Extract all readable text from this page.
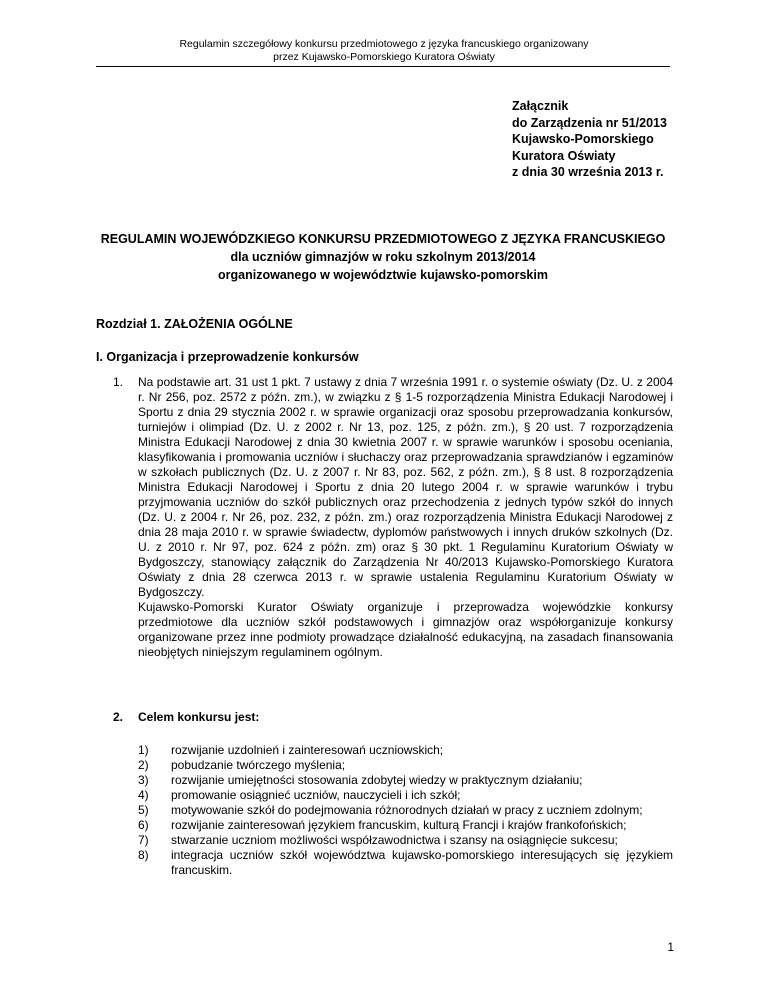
Regulamin szczegółowy konkursu przedmiotowego z języka francuskiego organizowany
przez Kujawsko-Pomorskiego Kuratora Oświaty
Załącznik
do Zarządzenia nr 51/2013
Kujawsko-Pomorskiego
Kuratora Oświaty
z dnia 30 września 2013 r.
REGULAMIN WOJEWÓDZKIEGO KONKURSU PRZEDMIOTOWEGO Z JĘZYKA FRANCUSKIEGO
dla uczniów gimnazjów w roku szkolnym 2013/2014
organizowanego w województwie kujawsko-pomorskim
Rozdział 1. ZAŁOŻENIA OGÓLNE
I. Organizacja i przeprowadzenie konkursów
1. Na podstawie art. 31 ust 1 pkt. 7 ustawy z dnia 7 września 1991 r. o systemie oświaty (Dz. U. z 2004 r. Nr 256, poz. 2572 z późn. zm.), w związku z § 1-5 rozporządzenia Ministra Edukacji Narodowej i Sportu z dnia 29 stycznia 2002 r. w sprawie organizacji oraz sposobu przeprowadzania konkursów, turniejów i olimpiad (Dz. U. z 2002 r. Nr 13, poz. 125, z późn. zm.), § 20 ust. 7 rozporządzenia Ministra Edukacji Narodowej z dnia 30 kwietnia 2007 r. w sprawie warunków i sposobu oceniania, klasyfikowania i promowania uczniów i słuchaczy oraz przeprowadzania sprawdzianów i egzaminów w szkołach publicznych (Dz. U. z 2007 r. Nr 83, poz. 562, z późn. zm.), § 8 ust. 8 rozporządzenia Ministra Edukacji Narodowej i Sportu z dnia 20 lutego 2004 r. w sprawie warunków i trybu przyjmowania uczniów do szkół publicznych oraz przechodzenia z jednych typów szkół do innych (Dz. U. z 2004 r. Nr 26, poz. 232, z późn. zm.) oraz rozporządzenia Ministra Edukacji Narodowej z dnia 28 maja 2010 r. w sprawie świadectw, dyplomów państwowych i innych druków szkolnych (Dz. U. z 2010 r. Nr 97, poz. 624 z późn. zm) oraz § 30 pkt. 1 Regulaminu Kuratorium Oświaty w Bydgoszczy, stanowiący załącznik do Zarządzenia Nr 40/2013 Kujawsko-Pomorskiego Kuratora Oświaty z dnia 28 czerwca 2013 r. w sprawie ustalenia Regulaminu Kuratorium Oświaty w Bydgoszczy.

Kujawsko-Pomorski Kurator Oświaty organizuje i przeprowadza wojewódzkie konkursy przedmiotowe dla uczniów szkół podstawowych i gimnazjów oraz współorganizuje konkursy organizowane przez inne podmioty prowadzące działalność edukacyjną, na zasadach finansowania nieobjętych niniejszym regulaminem ogólnym.

2. Celem konkursu jest:
1) rozwijanie uzdolnień i zainteresowań uczniowskich;
2) pobudzanie twórczego myślenia;
3) rozwijanie umiejętności stosowania zdobytej wiedzy w praktycznym działaniu;
4) promowanie osiągnieć uczniów, nauczycieli i ich szkół;
5) motywowanie szkół do podejmowania różnorodnych działań w pracy z uczniem zdolnym;
6) rozwijanie zainteresowań językiem francuskim, kulturą Francji i krajów frankofońskich;
7) stwarzanie uczniom możliwości współzawodnictwa i szansy na osiągnięcie sukcesu;
8) integracja uczniów szkół województwa kujawsko-pomorskiego interesujących się językiem francuskim.
1
